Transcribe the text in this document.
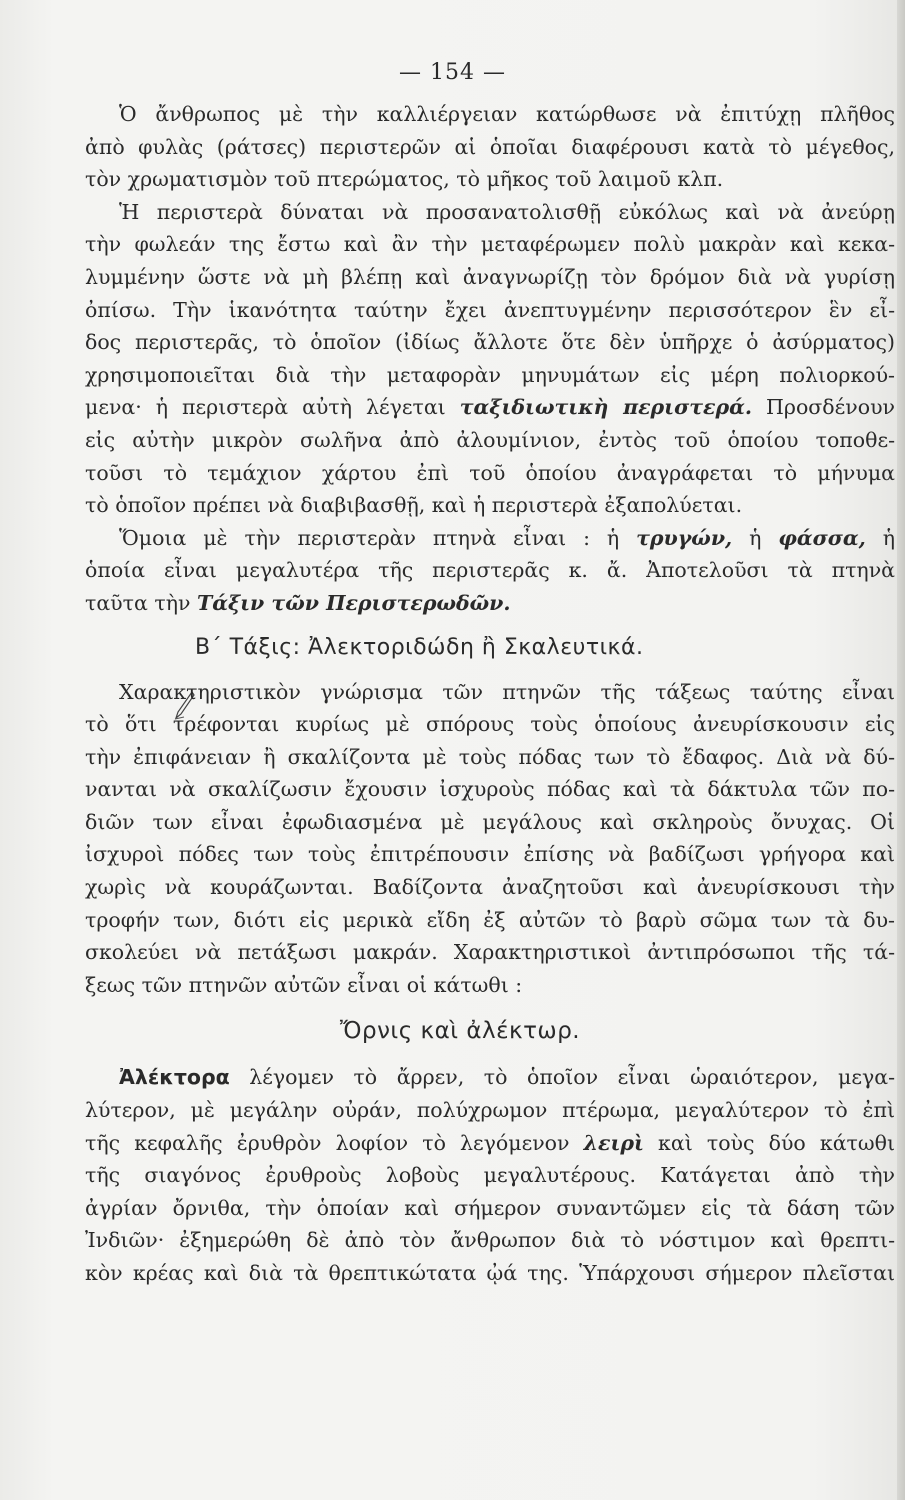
— 154 —
Ὁ ἄνθρωπος μὲ τὴν καλλιέργειαν κατώρθωσε νὰ ἐπιτύχῃ πλῆθος
ἀπὸ φυλὰς (ράτσες) περιστερῶν αἱ ὁποῖαι διαφέρουσι κατὰ τὸ μέγεθος,
τὸν χρωματισμὸν τοῦ πτερώματος, τὸ μῆκος τοῦ λαιμοῦ κλπ.
Ἡ περιστερὰ δύναται νὰ προσανατολισθῇ εὐκόλως καὶ νὰ ἀνεύρῃ
τὴν φωλεάν της ἔστω καὶ ἂν τὴν μεταφέρωμεν πολὺ μακρὰν καὶ κεκα-
λυμμένην ὥστε νὰ μὴ βλέπῃ καὶ ἀναγνωρίζῃ τὸν δρόμον διὰ νὰ γυρίσῃ
ὀπίσω. Τὴν ἱκανότητα ταύτην ἔχει ἀνεπτυγμένην περισσότερον ἓν εἶ-
δος περιστερᾶς, τὸ ὁποῖον (ἰδίως ἄλλοτε ὅτε δὲν ὑπῆρχε ὁ ἀσύρματος)
χρησιμοποιεῖται διὰ τὴν μεταφορὰν μηνυμάτων εἰς μέρη πολιορκού-
μενα· ἡ περιστερὰ αὐτὴ λέγεται ταξιδιωτικὴ περιστερά. Προσδένουν
εἰς αὐτὴν μικρὸν σωλῆνα ἀπὸ ἀλουμίνιον, ἐντὸς τοῦ ὁποίου τοποθε-
τοῦσι τὸ τεμάχιον χάρτου ἐπὶ τοῦ ὁποίου ἀναγράφεται τὸ μήνυμα
τὸ ὁποῖον πρέπει νὰ διαβιβασθῇ, καὶ ἡ περιστερὰ ἐξαπολύεται.
Ὅμοια μὲ τὴν περιστερὰν πτηνὰ εἶναι : ἡ τρυγών, ἡ φάσσα, ἡ
ὁποία εἶναι μεγαλυτέρα τῆς περιστερᾶς κ. ἄ. Ἀποτελοῦσι τὰ πτηνὰ
ταῦτα τὴν Τάξιν τῶν Περιστερωδῶν.
Β΄ Τάξις: Ἀλεκτοριδώδη ἢ Σκαλευτικά.
Χαρακτηριστικὸν γνώρισμα τῶν πτηνῶν τῆς τάξεως ταύτης εἶναι
τὸ ὅτι τρέφονται κυρίως μὲ σπόρους τοὺς ὁποίους ἀνευρίσκουσιν εἰς
τὴν ἐπιφάνειαν ἢ σκαλίζοντα μὲ τοὺς πόδας των τὸ ἔδαφος. Διὰ νὰ δύ-
νανται νὰ σκαλίζωσιν ἔχουσιν ἰσχυροὺς πόδας καὶ τὰ δάκτυλα τῶν πο-
διῶν των εἶναι ἐφωδιασμένα μὲ μεγάλους καὶ σκληροὺς ὄνυχας. Οἱ
ἰσχυροὶ πόδες των τοὺς ἐπιτρέπουσιν ἐπίσης νὰ βαδίζωσι γρήγορα καὶ
χωρὶς νὰ κουράζωνται. Βαδίζοντα ἀναζητοῦσι καὶ ἀνευρίσκουσι τὴν
τροφήν των, διότι εἰς μερικὰ εἴδη ἐξ αὐτῶν τὸ βαρὺ σῶμα των τὰ δυ-
σκολεύει νὰ πετάξωσι μακράν. Χαρακτηριστικοὶ ἀντιπρόσωποι τῆς τά-
ξεως τῶν πτηνῶν αὐτῶν εἶναι οἱ κάτωθι :
Ὄρνις καὶ ἀλέκτωρ.
Ἀλέκτορα λέγομεν τὸ ἄρρεν, τὸ ὁποῖον εἶναι ὡραιότερον, μεγα-
λύτερον, μὲ μεγάλην οὐράν, πολύχρωμον πτέρωμα, μεγαλύτερον τὸ ἐπὶ
τῆς κεφαλῆς ἐρυθρὸν λοφίον τὸ λεγόμενον λειρὶ καὶ τοὺς δύο κάτωθι
τῆς σιαγόνος ἐρυθροὺς λοβοὺς μεγαλυτέρους. Κατάγεται ἀπὸ τὴν
ἀγρίαν ὄρνιθα, τὴν ὁποίαν καὶ σήμερον συναντῶμεν εἰς τὰ δάση τῶν
Ἰνδιῶν· ἐξημερώθη δὲ ἀπὸ τὸν ἄνθρωπον διὰ τὸ νόστιμον καὶ θρεπτι-
κὸν κρέας καὶ διὰ τὰ θρεπτικώτατα ᾠά της. Ὑπάρχουσι σήμερον πλεῖσται
